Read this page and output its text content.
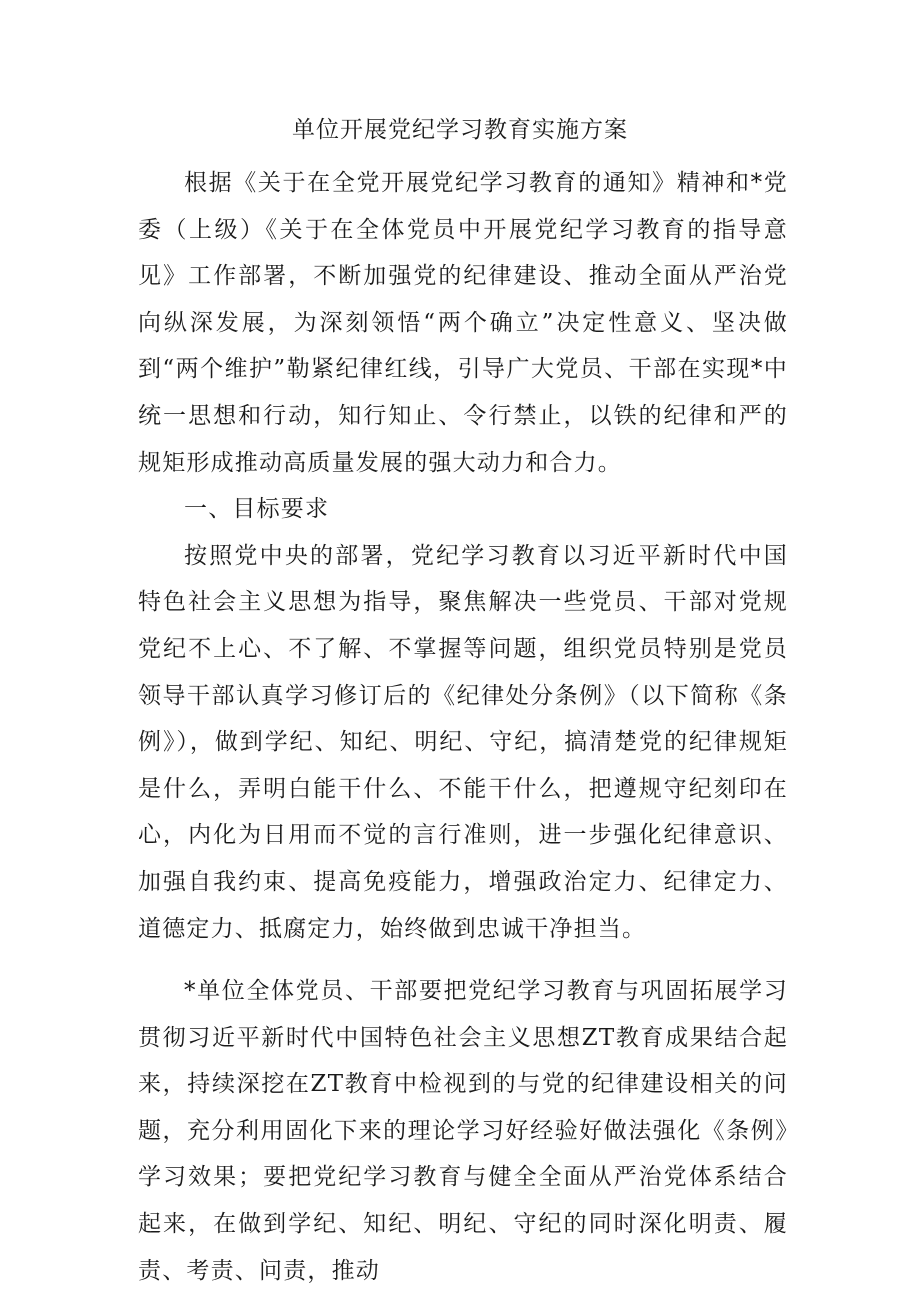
单位开展党纪学习教育实施方案

根据《关于在全党开展党纪学习教育的通知》精神和*党委（上级）《关于在全体党员中开展党纪学习教育的指导意见》工作部署，不断加强党的纪律建设、推动全面从严治党向纵深发展，为深刻领悟“两个确立”决定性意义、坚决做到“两个维护”勒紧纪律红线，引导广大党员、干部在实现*中统一思想和行动，知行知止、令行禁止，以铁的纪律和严的规矩形成推动高质量发展的强大动力和合力。

一、目标要求

按照党中央的部署，党纪学习教育以习近平新时代中国特色社会主义思想为指导，聚焦解决一些党员、干部对党规党纪不上心、不了解、不掌握等问题，组织党员特别是党员领导干部认真学习修订后的《纪律处分条例》（以下简称《条例》），做到学纪、知纪、明纪、守纪，搞清楚党的纪律规矩是什么，弄明白能干什么、不能干什么，把遵规守纪刻印在心，内化为日用而不觉的言行准则，进一步强化纪律意识、加强自我约束、提高免疫能力，增强政治定力、纪律定力、道德定力、抵腐定力，始终做到忠诚干净担当。

*单位全体党员、干部要把党纪学习教育与巩固拓展学习贯彻习近平新时代中国特色社会主义思想ZT教育成果结合起来，持续深挖在ZT教育中检视到的与党的纪律建设相关的问题，充分利用固化下来的理论学习好经验好做法强化《条例》学习效果；要把党纪学习教育与健全全面从严治党体系结合起来，在做到学纪、知纪、明纪、守纪的同时深化明责、履责、考责、问责，推动
